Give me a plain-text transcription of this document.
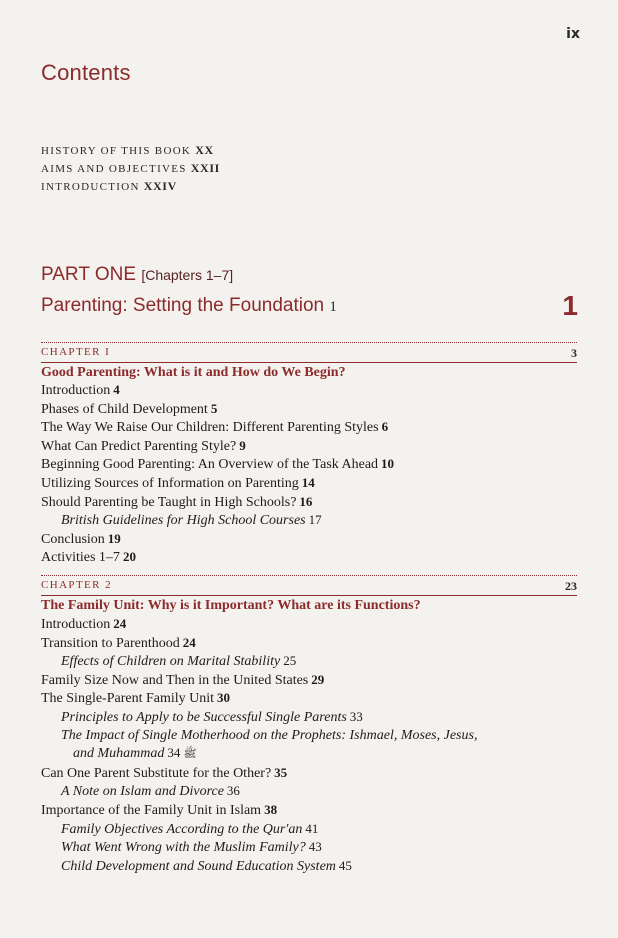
ix
Contents
HISTORY OF THIS BOOK XX
AIMS AND OBJECTIVES XXII
INTRODUCTION XXIV
PART ONE [Chapters 1–7]
Parenting: Setting the Foundation 1	1
CHAPTER I	3
Good Parenting: What is it and How do We Begin?
Introduction 4
Phases of Child Development 5
The Way We Raise Our Children: Different Parenting Styles 6
What Can Predict Parenting Style? 9
Beginning Good Parenting: An Overview of the Task Ahead 10
Utilizing Sources of Information on Parenting 14
Should Parenting be Taught in High Schools? 16
British Guidelines for High School Courses 17
Conclusion 19
Activities 1–7 20
CHAPTER 2	23
The Family Unit: Why is it Important? What are its Functions?
Introduction 24
Transition to Parenthood 24
Effects of Children on Marital Stability 25
Family Size Now and Then in the United States 29
The Single-Parent Family Unit 30
Principles to Apply to be Successful Single Parents 33
The Impact of Single Motherhood on the Prophets: Ishmael, Moses, Jesus,
and Muhammad ﷺ34
Can One Parent Substitute for the Other? 35
A Note on Islam and Divorce 36
Importance of the Family Unit in Islam 38
Family Objectives According to the Qur'an 41
What Went Wrong with the Muslim Family? 43
Child Development and Sound Education System 45
